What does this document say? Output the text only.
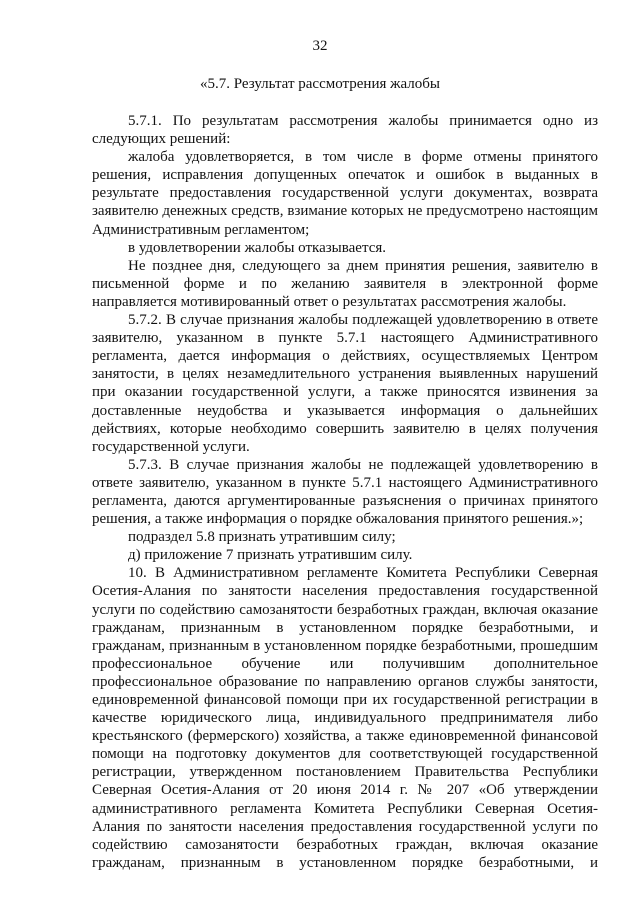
32
«5.7. Результат рассмотрения жалобы

5.7.1. По результатам рассмотрения жалобы принимается одно из следующих решений:

жалоба удовлетворяется, в том числе в форме отмены принятого решения, исправления допущенных опечаток и ошибок в выданных в результате предоставления государственной услуги документах, возврата заявителю денежных средств, взимание которых не предусмотрено настоящим Административным регламентом;

в удовлетворении жалобы отказывается.

Не позднее дня, следующего за днем принятия решения, заявителю в письменной форме и по желанию заявителя в электронной форме направляется мотивированный ответ о результатах рассмотрения жалобы.

5.7.2. В случае признания жалобы подлежащей удовлетворению в ответе заявителю, указанном в пункте 5.7.1 настоящего Административного регламента, дается информация о действиях, осуществляемых Центром занятости, в целях незамедлительного устранения выявленных нарушений при оказании государственной услуги, а также приносятся извинения за доставленные неудобства и указывается информация о дальнейших действиях, которые необходимо совершить заявителю в целях получения государственной услуги.

5.7.3. В случае признания жалобы не подлежащей удовлетворению в ответе заявителю, указанном в пункте 5.7.1 настоящего Административного регламента, даются аргументированные разъяснения о причинах принятого решения, а также информация о порядке обжалования принятого решения.»;

подраздел 5.8 признать утратившим силу;

д) приложение 7 признать утратившим силу.

10. В Административном регламенте Комитета Республики Северная Осетия-Алания по занятости населения предоставления государственной услуги по содействию самозанятости безработных граждан, включая оказание гражданам, признанным в установленном порядке безработными, и гражданам, признанным в установленном порядке безработными, прошедшим профессиональное обучение или получившим дополнительное профессиональное образование по направлению органов службы занятости, единовременной финансовой помощи при их государственной регистрации в качестве юридического лица, индивидуального предпринимателя либо крестьянского (фермерского) хозяйства, а также единовременной финансовой помощи на подготовку документов для соответствующей государственной регистрации, утвержденном постановлением Правительства Республики Северная Осетия-Алания от 20 июня 2014 г. № 207 «Об утверждении административного регламента Комитета Республики Северная Осетия-Алания по занятости населения предоставления государственной услуги по содействию самозанятости безработных граждан, включая оказание гражданам, признанным в установленном порядке безработными, и
